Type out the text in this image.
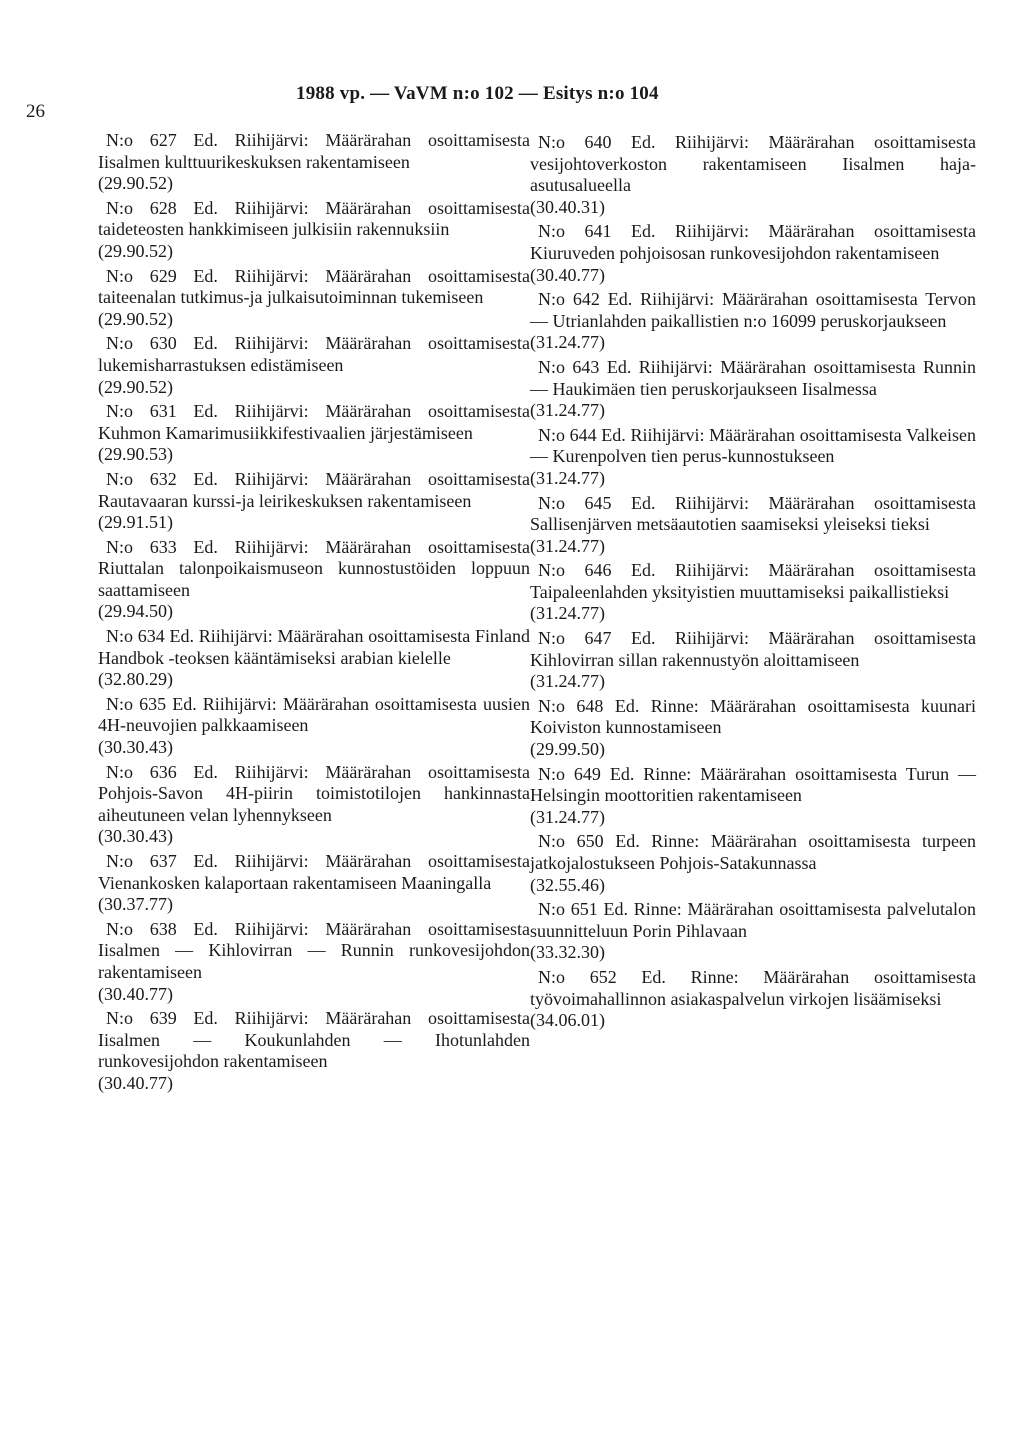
26
1988 vp. — VaVM n:o 102 — Esitys n:o 104

N:o 627 Ed. Riihijärvi: Määrärahan osoittamisesta Iisalmen kulttuurikeskuksen rakentamiseen

(29.90.52)

N:o 628 Ed. Riihijärvi: Määrärahan osoittamisesta taideteosten hankkimiseen julkisiin rakennuksiin

(29.90.52)

N:o 629 Ed. Riihijärvi: Määrärahan osoittamisesta taiteenalan tutkimus-ja julkaisutoiminnan tukemiseen

(29.90.52)

N:o 630 Ed. Riihijärvi: Määrärahan osoittamisesta lukemisharrastuksen edistämiseen

(29.90.52)

N:o 631 Ed. Riihijärvi: Määrärahan osoittamisesta Kuhmon Kamarimusiikkifestivaalien järjestämiseen

(29.90.53)

N:o 632 Ed. Riihijärvi: Määrärahan osoittamisesta Rautavaaran kurssi-ja leirikeskuksen rakentamiseen

(29.91.51)

N:o 633 Ed. Riihijärvi: Määrärahan osoittamisesta Riuttalan talonpoikaismuseon kunnostustöiden loppuun saattamiseen

(29.94.50)

N:o 634 Ed. Riihijärvi: Määrärahan osoittamisesta Finland Handbok -teoksen kääntämiseksi arabian kielelle

(32.80.29)

N:o 635 Ed. Riihijärvi: Määrärahan osoittamisesta uusien 4H-neuvojien palkkaamiseen

(30.30.43)

N:o 636 Ed. Riihijärvi: Määrärahan osoittamisesta Pohjois-Savon 4H-piirin toimistotilojen hankinnasta aiheutuneen velan lyhennykseen

(30.30.43)

N:o 637 Ed. Riihijärvi: Määrärahan osoittamisesta Vienankosken kalaportaan rakentamiseen Maaningalla

(30.37.77)

N:o 638 Ed. Riihijärvi: Määrärahan osoittamisesta Iisalmen — Kihlovirran — Runnin runkovesijohdon rakentamiseen

(30.40.77)

N:o 639 Ed. Riihijärvi: Määrärahan osoittamisesta Iisalmen — Koukunlahden — Ihotunlahden runkovesijohdon rakentamiseen

(30.40.77)

N:o 640 Ed. Riihijärvi: Määrärahan osoittamisesta vesijohtoverkoston rakentamiseen Iisalmen haja-asutusalueella

(30.40.31)

N:o 641 Ed. Riihijärvi: Määrärahan osoittamisesta Kiuruveden pohjoisosan runkovesijohdon rakentamiseen

(30.40.77)

N:o 642 Ed. Riihijärvi: Määrärahan osoittamisesta Tervon — Utrianlahden paikallistien n:o 16099 peruskorjaukseen

(31.24.77)

N:o 643 Ed. Riihijärvi: Määrärahan osoittamisesta Runnin — Haukimäen tien peruskorjaukseen Iisalmessa

(31.24.77)

N:o 644 Ed. Riihijärvi: Määrärahan osoittamisesta Valkeisen — Kurenpolven tien perus-kunnostukseen

(31.24.77)

N:o 645 Ed. Riihijärvi: Määrärahan osoittamisesta Sallisenjärven metsäautotien saamiseksi yleiseksi tieksi

(31.24.77)

N:o 646 Ed. Riihijärvi: Määrärahan osoittamisesta Taipaleenlahden yksityistien muuttamiseksi paikallistieksi

(31.24.77)

N:o 647 Ed. Riihijärvi: Määrärahan osoittamisesta Kihlovirran sillan rakennustyön aloittamiseen

(31.24.77)

N:o 648 Ed. Rinne: Määrärahan osoittamisesta kuunari Koiviston kunnostamiseen

(29.99.50)

N:o 649 Ed. Rinne: Määrärahan osoittamisesta Turun — Helsingin moottoritien rakentamiseen

(31.24.77)

N:o 650 Ed. Rinne: Määrärahan osoittamisesta turpeen jatkojalostukseen Pohjois-Satakunnassa

(32.55.46)

N:o 651 Ed. Rinne: Määrärahan osoittamisesta palvelutalon suunnitteluun Porin Pihlavaan

(33.32.30)

N:o 652 Ed. Rinne: Määrärahan osoittamisesta työvoimahallinnon asiakaspalvelun virkojen lisäämiseksi

(34.06.01)
